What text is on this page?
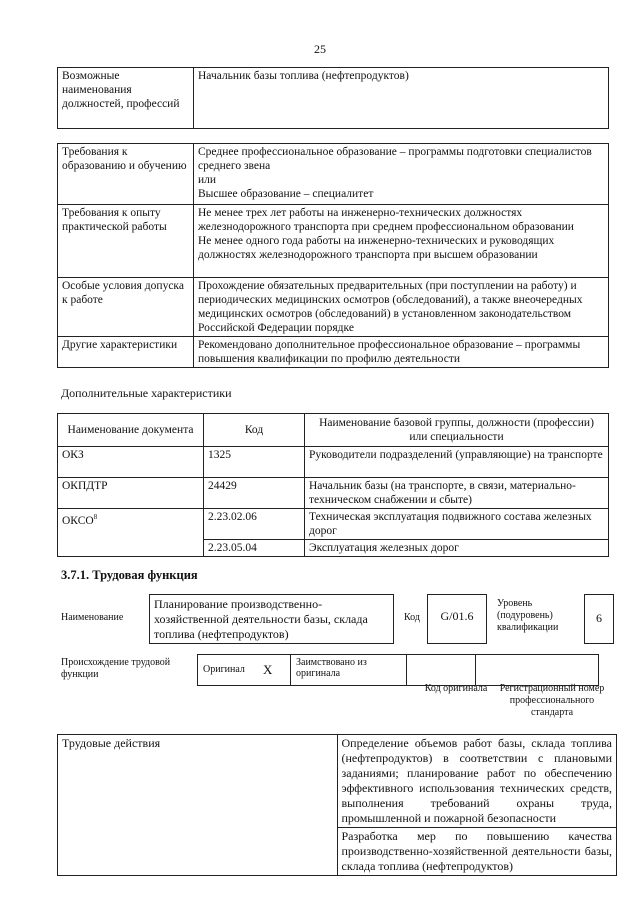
25
Возможные наименования должностей, профессий	Начальник базы топлива (нефтепродуктов)
Требования к образованию и обучению	Среднее профессиональное образование – программы подготовки специалистов среднего звена
или
Высшее образование – специалитет
Требования к опыту практической работы	Не менее трех лет работы на инженерно-технических должностях железнодорожного транспорта при среднем профессиональном образовании
Не менее одного года работы на инженерно-технических и руководящих должностях железнодорожного транспорта при высшем образовании
Особые условия допуска к работе	Прохождение обязательных предварительных (при поступлении на работу) и периодических медицинских осмотров (обследований), а также внеочередных медицинских осмотров (обследований) в установленном законодательством Российской Федерации порядке
Другие характеристики	Рекомендовано дополнительное профессиональное образование – программы повышения квалификации по профилю деятельности
Дополнительные характеристики
Наименование документа	Код	Наименование базовой группы, должности (профессии) или специальности
ОКЗ	1325	Руководители подразделений (управляющие) на транспорте
ОКПДТР	24429	Начальник базы (на транспорте, в связи, материально-техническом снабжении и сбыте)
ОКСО$^8$	2.23.02.06	Техническая эксплуатация подвижного состава железных дорог
	2.23.05.04	Эксплуатация железных дорог
3.7.1. Трудовая функция
Наименование
Планирование производственно-хозяйственной деятельности базы, склада топлива (нефтепродуктов)
Код	G/01.6
Уровень (подуровень) квалификации
6
Происхождение трудовой функции	Оригинал	X	Заимствовано из оригинала		
Код оригинала	Регистрационный номер профессионального стандарта
Трудовые действия	Определение объемов работ базы, склада топлива (нефтепродуктов) в соответствии с плановыми заданиями; планирование работ по обеспечению эффективного использования технических средств, выполнения требований охраны труда, промышленной и пожарной безопасности
Разработка мер по повышению качества производственно-хозяйственной деятельности базы, склада топлива (нефтепродуктов)
